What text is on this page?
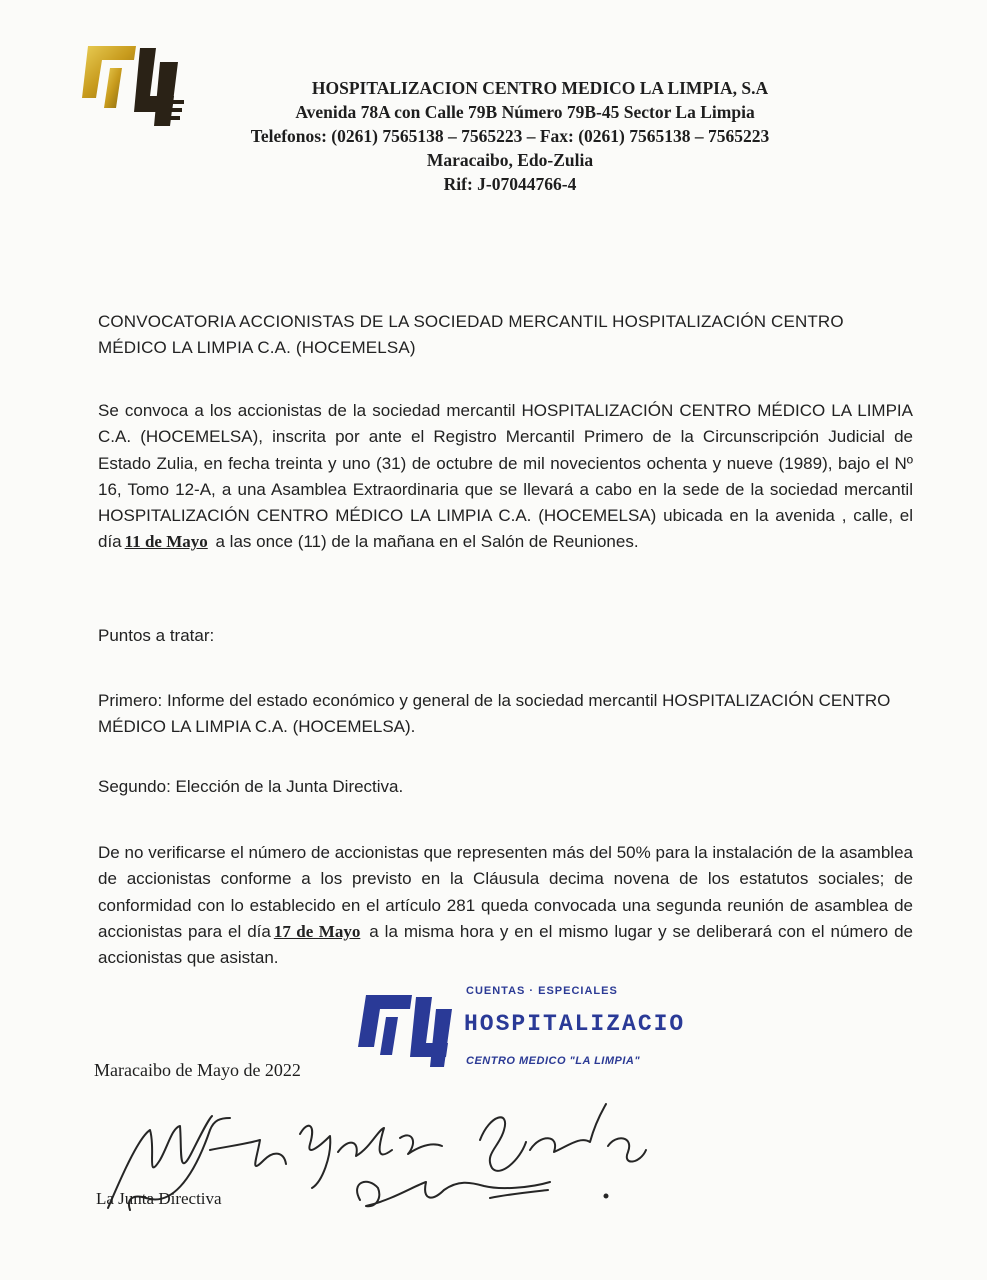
HOSPITALIZACION CENTRO MEDICO LA LIMPIA, S.A
Avenida 78A con Calle 79B Número 79B-45 Sector La Limpia
Telefonos: (0261) 7565138 – 7565223 – Fax: (0261) 7565138 – 7565223
Maracaibo, Edo-Zulia
Rif: J-07044766-4
CONVOCATORIA ACCIONISTAS DE LA SOCIEDAD MERCANTIL HOSPITALIZACIÓN CENTRO MÉDICO LA LIMPIA C.A. (HOCEMELSA)
Se convoca a los accionistas de la sociedad mercantil HOSPITALIZACIÓN CENTRO MÉDICO LA LIMPIA C.A. (HOCEMELSA), inscrita por ante el Registro Mercantil Primero de la Circunscripción Judicial de Estado Zulia, en fecha treinta y uno (31) de octubre de mil novecientos ochenta y nueve (1989), bajo el Nº 16, Tomo 12-A, a una Asamblea Extraordinaria que se llevará a cabo en la sede de la sociedad mercantil HOSPITALIZACIÓN CENTRO MÉDICO LA LIMPIA C.A. (HOCEMELSA) ubicada en la avenida , calle, el día 11 de Mayo a las once (11) de la mañana en el Salón de Reuniones.
Puntos a tratar:
Primero: Informe del estado económico y general de la sociedad mercantil HOSPITALIZACIÓN CENTRO MÉDICO LA LIMPIA C.A. (HOCEMELSA).
Segundo: Elección de la Junta Directiva.
De no verificarse el número de accionistas que representen más del 50% para la instalación de la asamblea de accionistas conforme a los previsto en la Cláusula decima novena de los estatutos sociales; de conformidad con lo establecido en el artículo 281 queda convocada una segunda reunión de asamblea de accionistas para el día 17 de Mayo a la misma hora y en el mismo lugar y se deliberará con el número de accionistas que asistan.
CUENTAS · ESPECIALES
HOSPITALIZACIO
CENTRO MEDICO "LA LIMPIA"
Maracaibo de Mayo de 2022
La Junta Directiva
